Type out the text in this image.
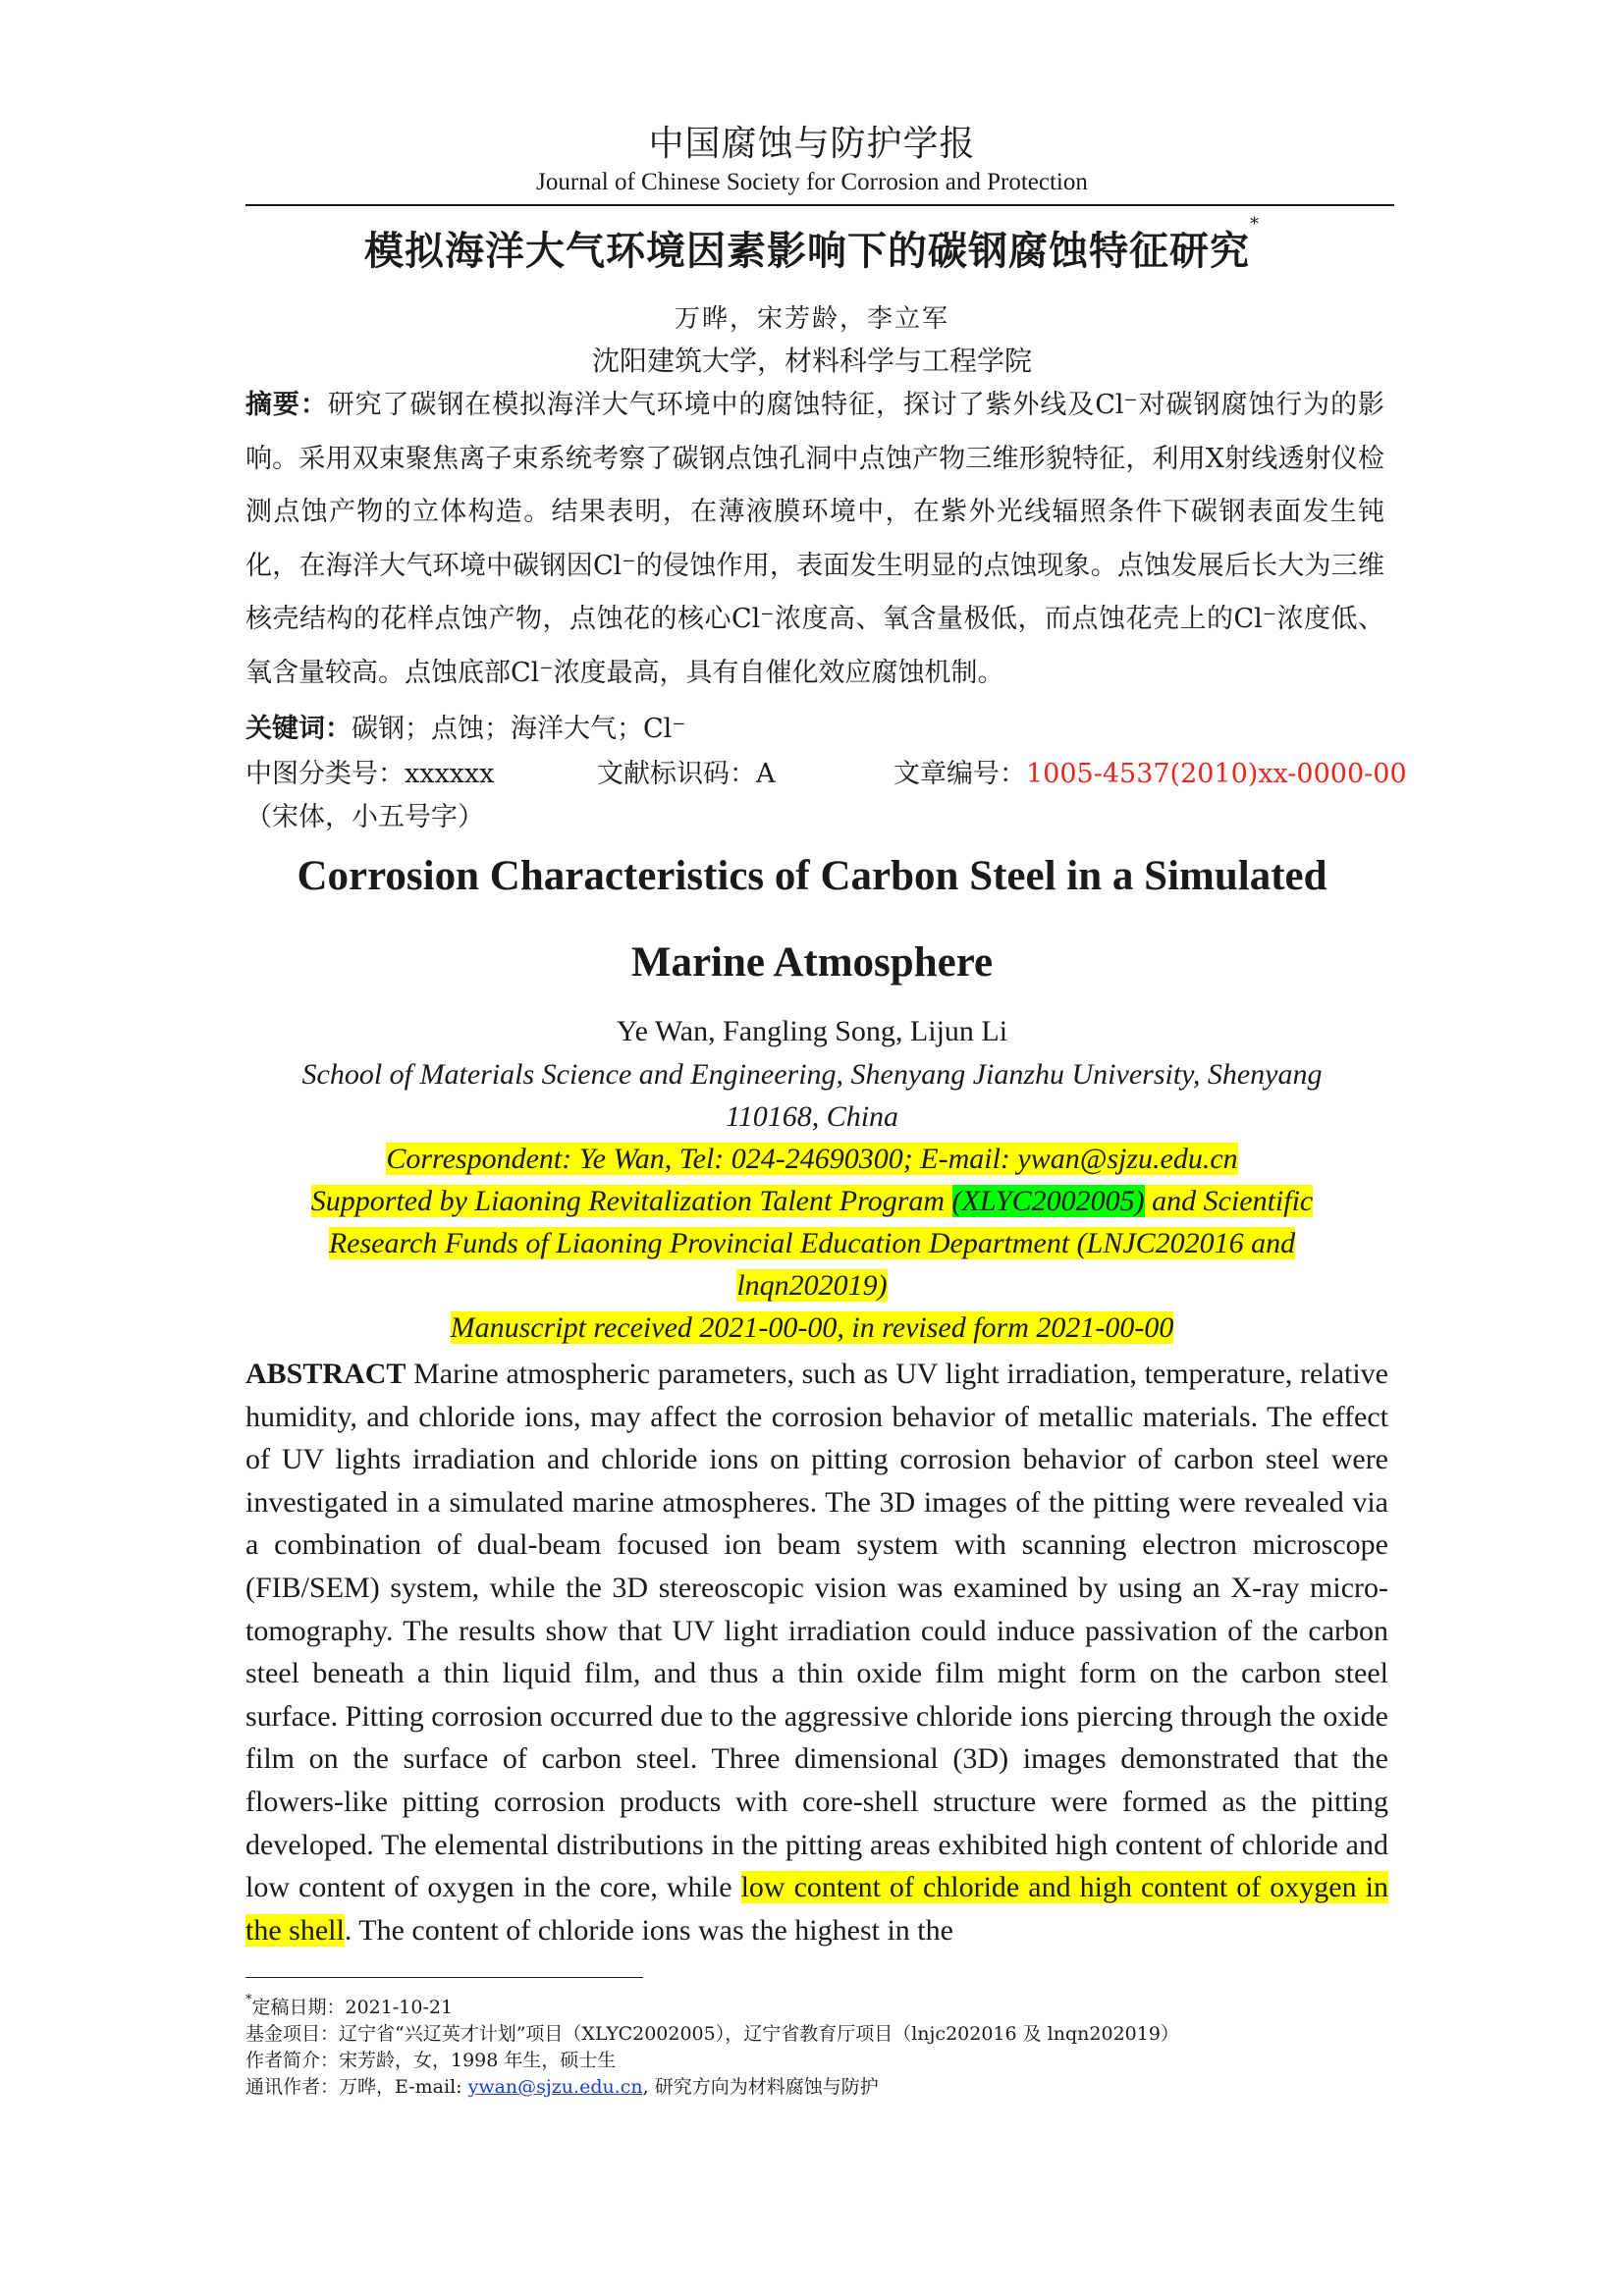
中国腐蚀与防护学报
Journal of Chinese Society for Corrosion and Protection
模拟海洋大气环境因素影响下的碳钢腐蚀特征研究*
万晔，宋芳龄，李立军
沈阳建筑大学，材料科学与工程学院
摘要：研究了碳钢在模拟海洋大气环境中的腐蚀特征，探讨了紫外线及Cl⁻对碳钢腐蚀行为的影响。采用双束聚焦离子束系统考察了碳钢点蚀孔洞中点蚀产物三维形貌特征，利用X射线透射仪检测点蚀产物的立体构造。结果表明，在薄液膜环境中，在紫外光线辐照条件下碳钢表面发生钝化，在海洋大气环境中碳钢因Cl⁻的侵蚀作用，表面发生明显的点蚀现象。点蚀发展后长大为三维核壳结构的花样点蚀产物，点蚀花的核心Cl⁻浓度高、氧含量极低，而点蚀花壳上的Cl⁻浓度低、氧含量较高。点蚀底部Cl⁻浓度最高，具有自催化效应腐蚀机制。
关键词：碳钢；点蚀；海洋大气；Cl⁻
中图分类号：xxxxxx	文献标识码：A	文章编号：1005-4537(2010)xx-0000-00
（宋体，小五号字）
Corrosion Characteristics of Carbon Steel in a Simulated
Marine Atmosphere
Ye Wan, Fangling Song, Lijun Li
School of Materials Science and Engineering, Shenyang Jianzhu University, Shenyang
110168, China
Correspondent: Ye Wan, Tel: 024-24690300; E-mail: ywan@sjzu.edu.cn
Supported by Liaoning Revitalization Talent Program (XLYC2002005) and Scientific
Research Funds of Liaoning Provincial Education Department (LNJC202016 and
lnqn202019)
Manuscript received 2021-00-00, in revised form 2021-00-00
ABSTRACT Marine atmospheric parameters, such as UV light irradiation, temperature, relative humidity, and chloride ions, may affect the corrosion behavior of metallic materials. The effect of UV lights irradiation and chloride ions on pitting corrosion behavior of carbon steel were investigated in a simulated marine atmospheres. The 3D images of the pitting were revealed via a combination of dual-beam focused ion beam system with scanning electron microscope (FIB/SEM) system, while the 3D stereoscopic vision was examined by using an X-ray micro-tomography. The results show that UV light irradiation could induce passivation of the carbon steel beneath a thin liquid film, and thus a thin oxide film might form on the carbon steel surface. Pitting corrosion occurred due to the aggressive chloride ions piercing through the oxide film on the surface of carbon steel. Three dimensional (3D) images demonstrated that the flowers-like pitting corrosion products with core-shell structure were formed as the pitting developed. The elemental distributions in the pitting areas exhibited high content of chloride and low content of oxygen in the core, while low content of chloride and high content of oxygen in the shell. The content of chloride ions was the highest in the
*定稿日期：2021-10-21
基金项目：辽宁省“兴辽英才计划”项目（XLYC2002005），辽宁省教育厅项目（lnjc202016 及 lnqn202019）
作者简介：宋芳龄，女，1998 年生，硕士生
通讯作者：万晔，E-mail: ywan@sjzu.edu.cn, 研究方向为材料腐蚀与防护
